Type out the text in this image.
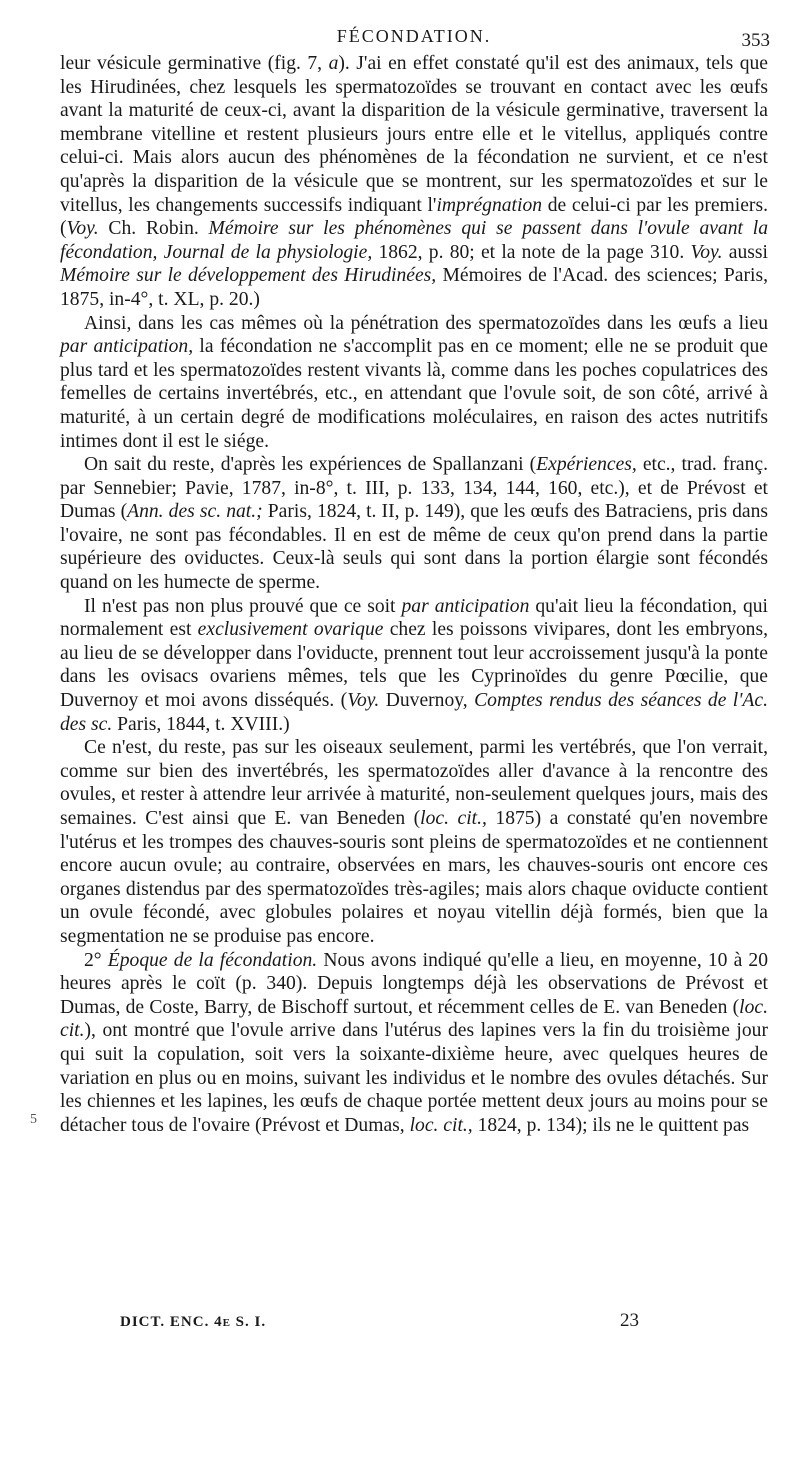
FÉCONDATION.	353

leur vésicule germinative (fig. 7, a). J'ai en effet constaté qu'il est des animaux, tels que les Hirudinées, chez lesquels les spermatozoïdes se trouvant en contact avec les œufs avant la maturité de ceux-ci, avant la disparition de la vésicule germinative, traversent la membrane vitelline et restent plusieurs jours entre elle et le vitellus, appliqués contre celui-ci. Mais alors aucun des phénomènes de la fécondation ne survient, et ce n'est qu'après la disparition de la vésicule que se montrent, sur les spermatozoïdes et sur le vitellus, les changements successifs indiquant l'imprégnation de celui-ci par les premiers. (Voy. Ch. Robin. Mémoire sur les phénomènes qui se passent dans l'ovule avant la fécondation, Journal de la physiologie, 1862, p. 80; et la note de la page 310. Voy. aussi Mémoire sur le développement des Hirudinées, Mémoires de l'Acad. des sciences; Paris, 1875, in-4°, t. XL, p. 20.)

Ainsi, dans les cas mêmes où la pénétration des spermatozoïdes dans les œufs a lieu par anticipation, la fécondation ne s'accomplit pas en ce moment; elle ne se produit que plus tard et les spermatozoïdes restent vivants là, comme dans les poches copulatrices des femelles de certains invertébrés, etc., en attendant que l'ovule soit, de son côté, arrivé à maturité, à un certain degré de modifications moléculaires, en raison des actes nutritifs intimes dont il est le siége.

On sait du reste, d'après les expériences de Spallanzani (Expériences, etc., trad. franç. par Sennebier; Pavie, 1787, in-8°, t. III, p. 133, 134, 144, 160, etc.), et de Prévost et Dumas (Ann. des sc. nat.; Paris, 1824, t. II, p. 149), que les œufs des Batraciens, pris dans l'ovaire, ne sont pas fécondables. Il en est de même de ceux qu'on prend dans la partie supérieure des oviductes. Ceux-là seuls qui sont dans la portion élargie sont fécondés quand on les humecte de sperme.

Il n'est pas non plus prouvé que ce soit par anticipation qu'ait lieu la fécondation, qui normalement est exclusivement ovarique chez les poissons vivipares, dont les embryons, au lieu de se développer dans l'oviducte, prennent tout leur accroissement jusqu'à la ponte dans les ovisacs ovariens mêmes, tels que les Cyprinoïdes du genre Pœcilie, que Duvernoy et moi avons disséqués. (Voy. Duvernoy, Comptes rendus des séances de l'Ac. des sc. Paris, 1844, t. XVIII.)

Ce n'est, du reste, pas sur les oiseaux seulement, parmi les vertébrés, que l'on verrait, comme sur bien des invertébrés, les spermatozoïdes aller d'avance à la rencontre des ovules, et rester à attendre leur arrivée à maturité, non-seulement quelques jours, mais des semaines. C'est ainsi que E. van Beneden (loc. cit., 1875) a constaté qu'en novembre l'utérus et les trompes des chauves-souris sont pleins de spermatozoïdes et ne contiennent encore aucun ovule; au contraire, observées en mars, les chauves-souris ont encore ces organes distendus par des spermatozoïdes très-agiles; mais alors chaque oviducte contient un ovule fécondé, avec globules polaires et noyau vitellin déjà formés, bien que la segmentation ne se produise pas encore.

2° Époque de la fécondation. Nous avons indiqué qu'elle a lieu, en moyenne, 10 à 20 heures après le coït (p. 340). Depuis longtemps déjà les observations de Prévost et Dumas, de Coste, Barry, de Bischoff surtout, et récemment celles de E. van Beneden (loc. cit.), ont montré que l'ovule arrive dans l'utérus des lapines vers la fin du troisième jour qui suit la copulation, soit vers la soixante-dixième heure, avec quelques heures de variation en plus ou en moins, suivant les individus et le nombre des ovules détachés. Sur les chiennes et les lapines, les œufs de chaque portée mettent deux jours au moins pour se détacher tous de l'ovaire (Prévost et Dumas, loc. cit., 1824, p. 134); ils ne le quittent pas

5
DICT. ENC. 4e S. I.	23
